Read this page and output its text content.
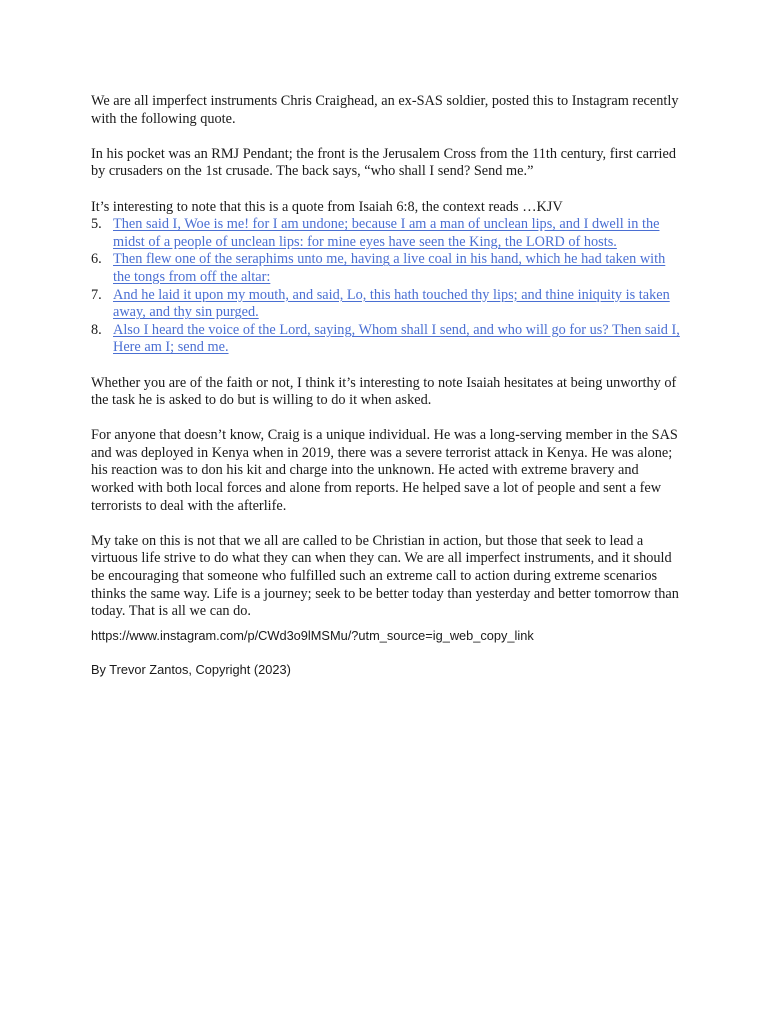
We are all imperfect instruments Chris Craighead, an ex-SAS soldier, posted this to Instagram recently with the following quote.

In his pocket was an RMJ Pendant; the front is the Jerusalem Cross from the 11th century, first carried by crusaders on the 1st crusade. The back says, “who shall I send? Send me.”

It’s interesting to note that this is a quote from Isaiah 6:8, the context reads …KJV

5. Then said I, Woe is me! for I am undone; because I am a man of unclean lips, and I dwell in the midst of a people of unclean lips: for mine eyes have seen the King, the LORD of hosts.
6. Then flew one of the seraphims unto me, having a live coal in his hand, which he had taken with the tongs from off the altar:
7. And he laid it upon my mouth, and said, Lo, this hath touched thy lips; and thine iniquity is taken away, and thy sin purged.
8. Also I heard the voice of the Lord, saying, Whom shall I send, and who will go for us? Then said I, Here am I; send me.

Whether you are of the faith or not, I think it’s interesting to note Isaiah hesitates at being unworthy of the task he is asked to do but is willing to do it when asked.

For anyone that doesn’t know, Craig is a unique individual. He was a long-serving member in the SAS and was deployed in Kenya when in 2019, there was a severe terrorist attack in Kenya. He was alone; his reaction was to don his kit and charge into the unknown. He acted with extreme bravery and worked with both local forces and alone from reports. He helped save a lot of people and sent a few terrorists to deal with the afterlife.

My take on this is not that we all are called to be Christian in action, but those that seek to lead a virtuous life strive to do what they can when they can. We are all imperfect instruments, and it should be encouraging that someone who fulfilled such an extreme call to action during extreme scenarios thinks the same way. Life is a journey; seek to be better today than yesterday and better tomorrow than today. That is all we can do.

https://www.instagram.com/p/CWd3o9lMSMu/?utm_source=ig_web_copy_link

By Trevor Zantos, Copyright (2023)
